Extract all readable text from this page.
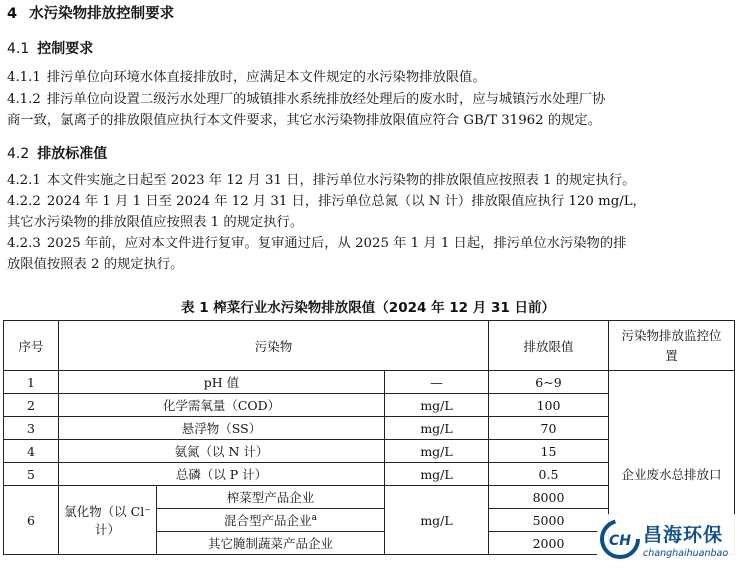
4 水污染物排放控制要求
4.1 控制要求
4.1.1 排污单位向环境水体直接排放时，应满足本文件规定的水污染物排放限值。
4.1.2 排污单位向设置二级污水处理厂的城镇排水系统排放经处理后的废水时，应与城镇污水处理厂协
商一致，氯离子的排放限值应执行本文件要求，其它水污染物排放限值应符合 GB/T 31962 的规定。
4.2 排放标准值
4.2.1 本文件实施之日起至 2023 年 12 月 31 日，排污单位水污染物的排放限值应按照表 1 的规定执行。
4.2.2 2024 年 1 月 1 日至 2024 年 12 月 31 日，排污单位总氮（以 N 计）排放限值应执行 120 mg/L，
其它水污染物的排放限值应按照表 1 的规定执行。
4.2.3 2025 年前，应对本文件进行复审。复审通过后，从 2025 年 1 月 1 日起，排污单位水污染物的排
放限值按照表 2 的规定执行。
表 1 榨菜行业水污染物排放限值（2024 年 12 月 31 日前）
序号	污染物			排放限值	污染物排放监控位
置
1	pH 值		—	6~9	企业废水总排放口
2	化学需氧量（COD）		mg/L	100	
3	悬浮物（SS）		mg/L	70	
4	氨氮（以 N 计）		mg/L	15	
5	总磷（以 P 计）		mg/L	0.5	
6	氯化物（以 Cl⁻计）	榨菜型产品企业	mg/L	8000	
		混合型产品企业$^a$		5000	
		其它腌制蔬菜产品企业		2000		CH 昌海环保
changhaihuanbao
